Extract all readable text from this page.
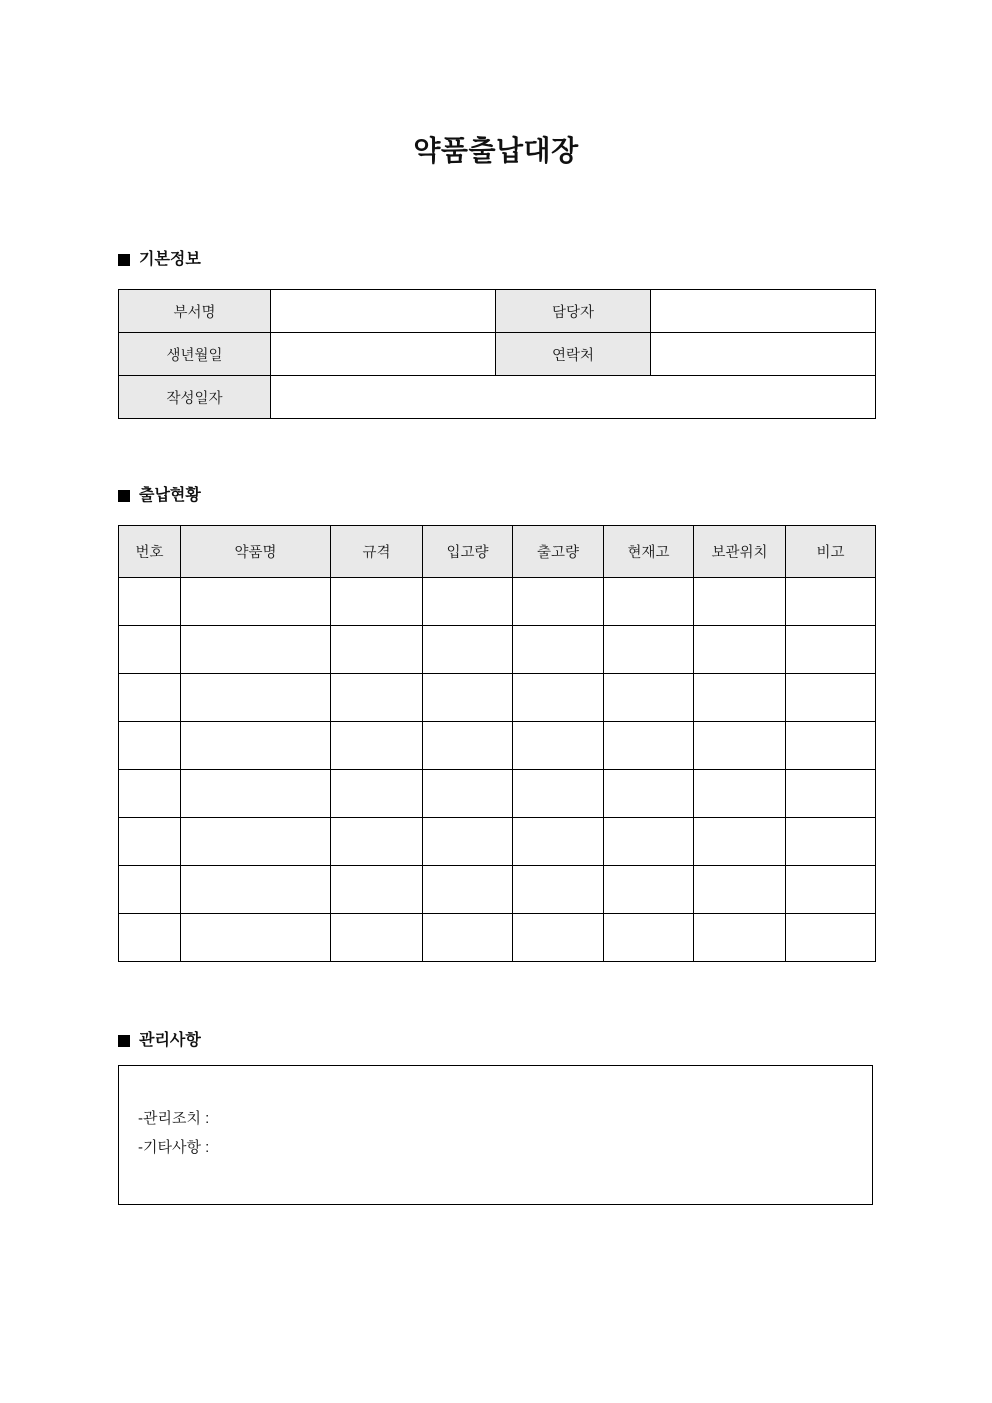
약품출납대장
기본정보
부서명		담당자	
생년월일		연락처	
작성일자			
출납현황
번호	약품명	규격	입고량	출고량	현재고	보관위치	비고

관리사항
-관리조치 :
-기타사항 :
